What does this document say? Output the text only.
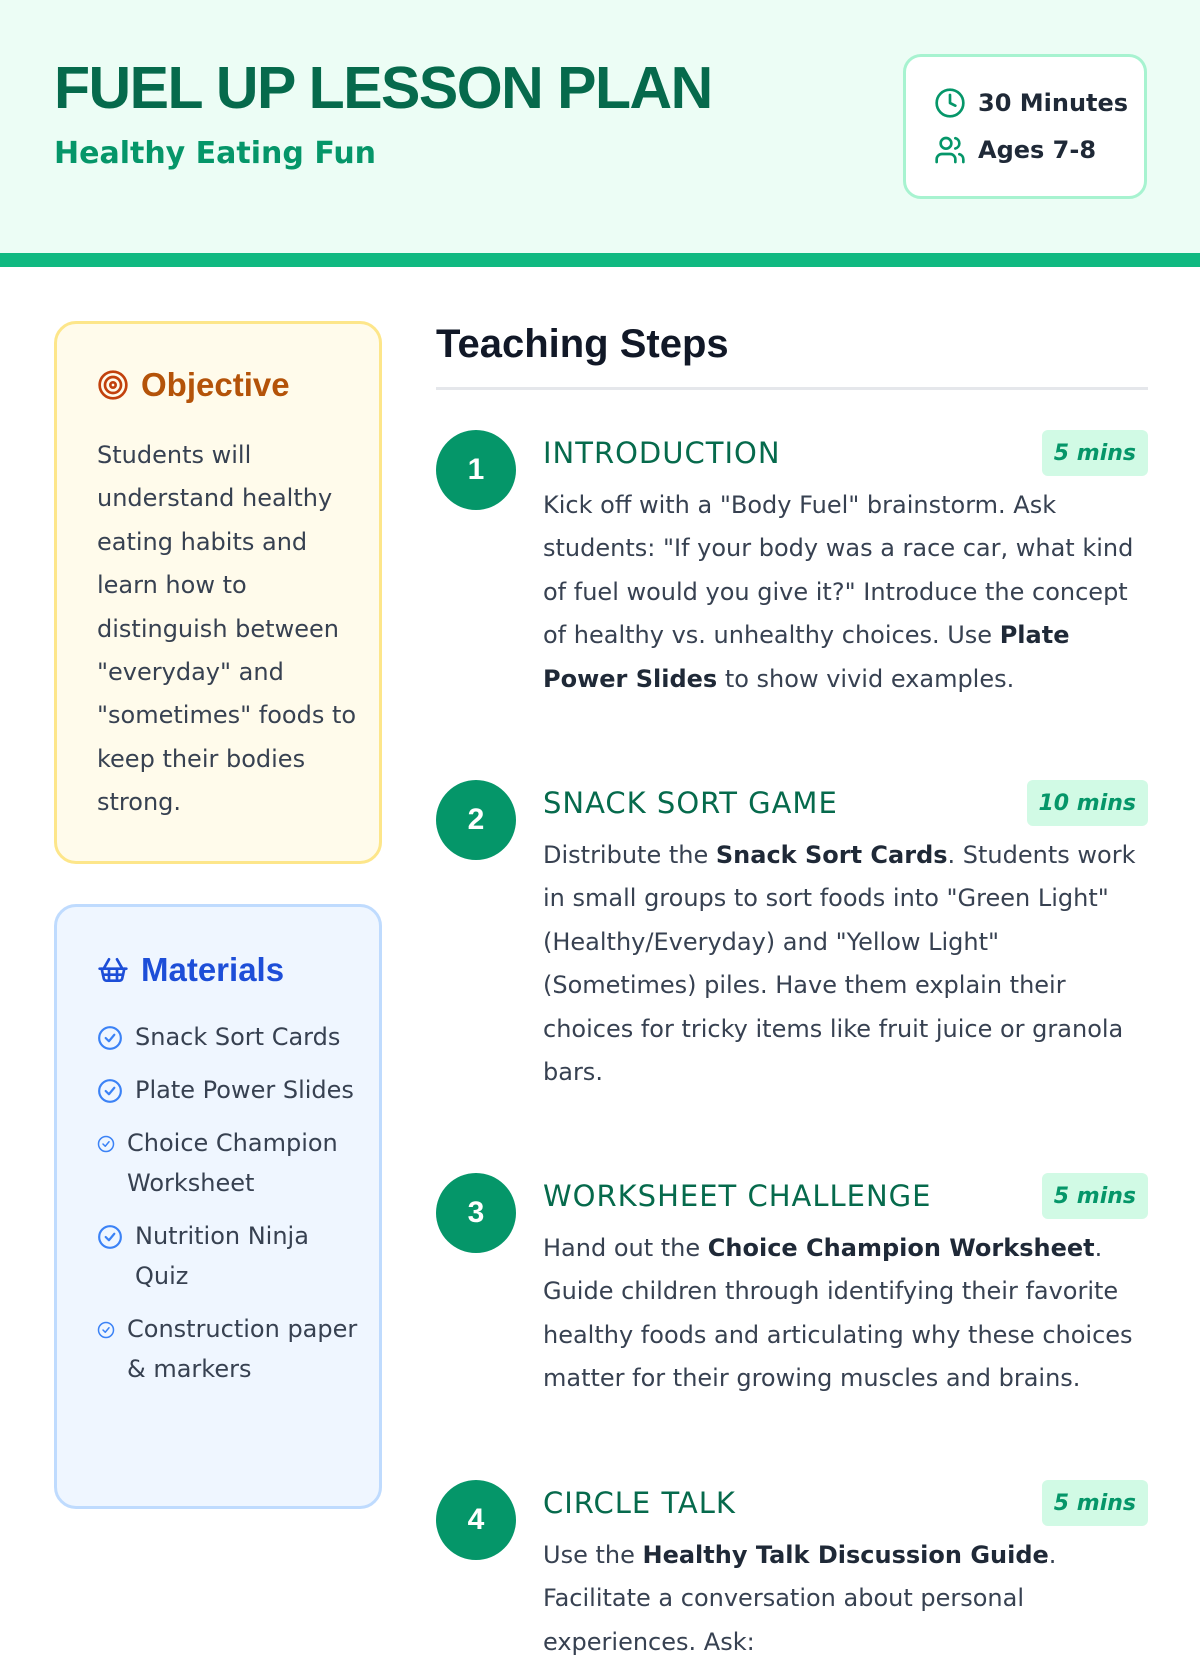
FUEL UP LESSON PLAN
Healthy Eating Fun
30 Minutes
Ages 7-8
Objective

Students will understand healthy eating habits and learn how to distinguish between "everyday" and "sometimes" foods to keep their bodies strong.

Materials
Snack Sort Cards
Plate Power Slides
Choice Champion Worksheet
Nutrition Ninja Quiz
Construction paper & markers
Teaching Steps
1	INTRODUCTION	5 mins

Kick off with a "Body Fuel" brainstorm. Ask students: "If your body was a race car, what kind of fuel would you give it?" Introduce the concept of healthy vs. unhealthy choices. Use Plate Power Slides to show vivid examples.

2	SNACK SORT GAME	10 mins

Distribute the Snack Sort Cards. Students work in small groups to sort foods into "Green Light" (Healthy/Everyday) and "Yellow Light" (Sometimes) piles. Have them explain their choices for tricky items like fruit juice or granola bars.

3	WORKSHEET CHALLENGE	5 mins

Hand out the Choice Champion Worksheet. Guide children through identifying their favorite healthy foods and articulating why these choices matter for their growing muscles and brains.

4	CIRCLE TALK	5 mins

Use the Healthy Talk Discussion Guide. Facilitate a conversation about personal experiences. Ask:
